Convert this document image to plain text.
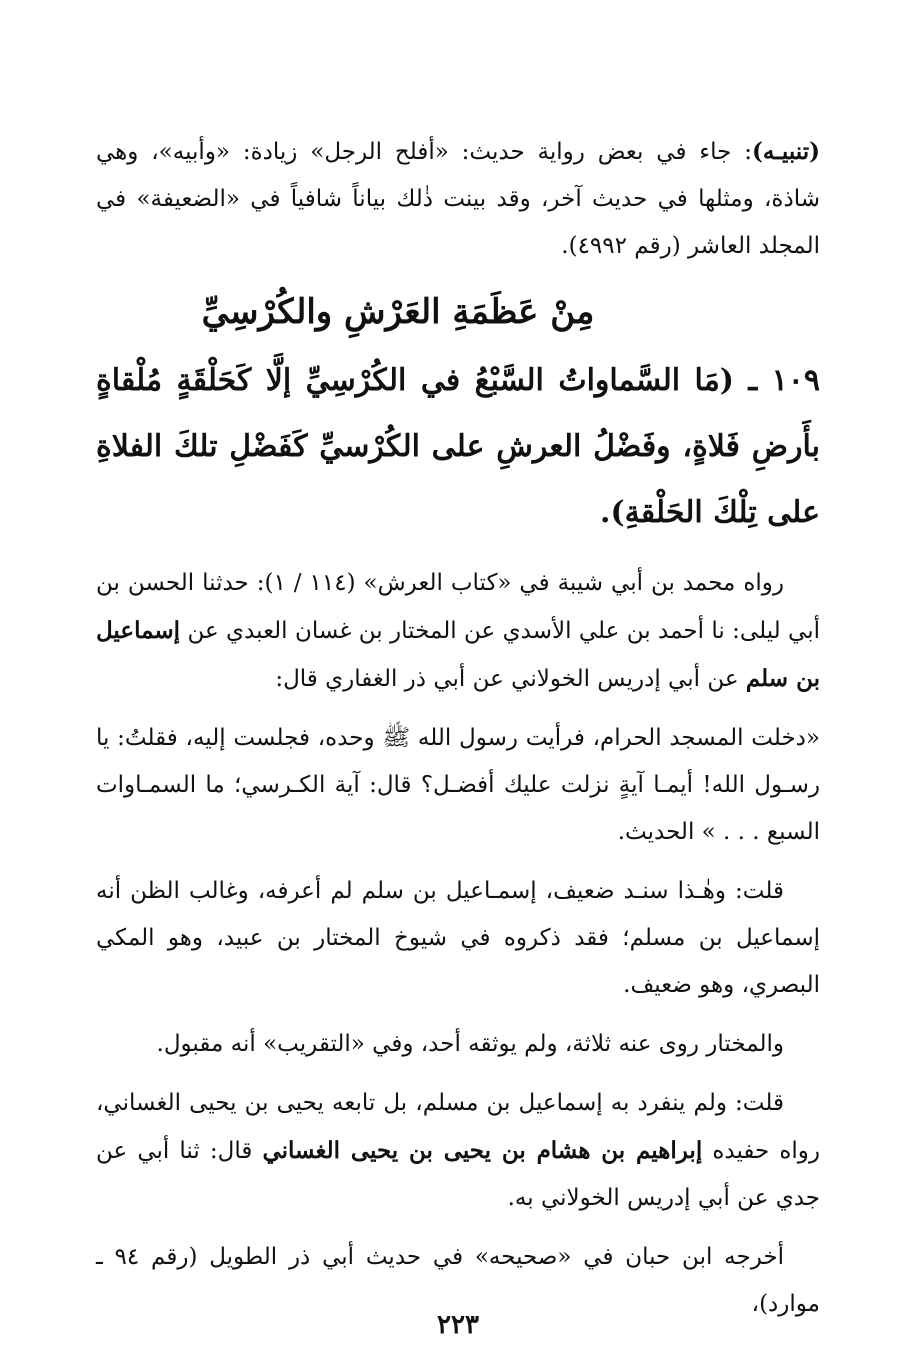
(تنبيـه): جاء في بعض رواية حديث: «أفلح الرجل» زيادة: «وأبيه»، وهي شاذة، ومثلها في حديث آخر، وقد بينت ذٰلك بياناً شافياً في «الضعيفة» في المجلد العاشر (رقم ٤٩٩٢).

مِنْ عَظَمَةِ العَرْشِ والكُرْسِيِّ

١٠٩ ـ (مَا السَّماواتُ السَّبْعُ في الكُرْسِيِّ إلَّا كَحَلْقَةٍ مُلْقاةٍ بأَرضِ فَلاةٍ، وفَضْلُ العرشِ على الكُرْسيِّ كَفَضْلِ تلكَ الفلاةِ على تِلْكَ الحَلْقةِ).

رواه محمد بن أبي شيبة في «كتاب العرش» (١١٤ / ١): حدثنا الحسن بن أبي ليلى: نا أحمد بن علي الأسدي عن المختار بن غسان العبدي عن إسماعيل بن سلم عن أبي إدريس الخولاني عن أبي ذر الغفاري قال:

«دخلت المسجد الحرام، فرأيت رسول الله ﷺ وحده، فجلست إليه، فقلتُ: يا رسـول الله! أيمـا آيةٍ نزلت عليك أفضـل؟ قال: آية الكـرسي؛ ما السمـاوات السبع . . . » الحديث.

قلت: وهٰـذا سنـد ضعيف، إسمـاعيل بن سلم لم أعرفه، وغالب الظن أنه إسماعيل بن مسلم؛ فقد ذكروه في شيوخ المختار بن عبيد، وهو المكي البصري، وهو ضعيف.

والمختار روى عنه ثلاثة، ولم يوثقه أحد، وفي «التقريب» أنه مقبول.

قلت: ولم ينفرد به إسماعيل بن مسلم، بل تابعه يحيى بن يحيى الغساني، رواه حفيده إبراهيم بن هشام بن يحيى بن يحيى الغساني قال: ثنا أبي عن جدي عن أبي إدريس الخولاني به.

أخرجه ابن حبان في «صحيحه» في حديث أبي ذر الطويل (رقم ٩٤ ـ موارد)،

٢٢٣
